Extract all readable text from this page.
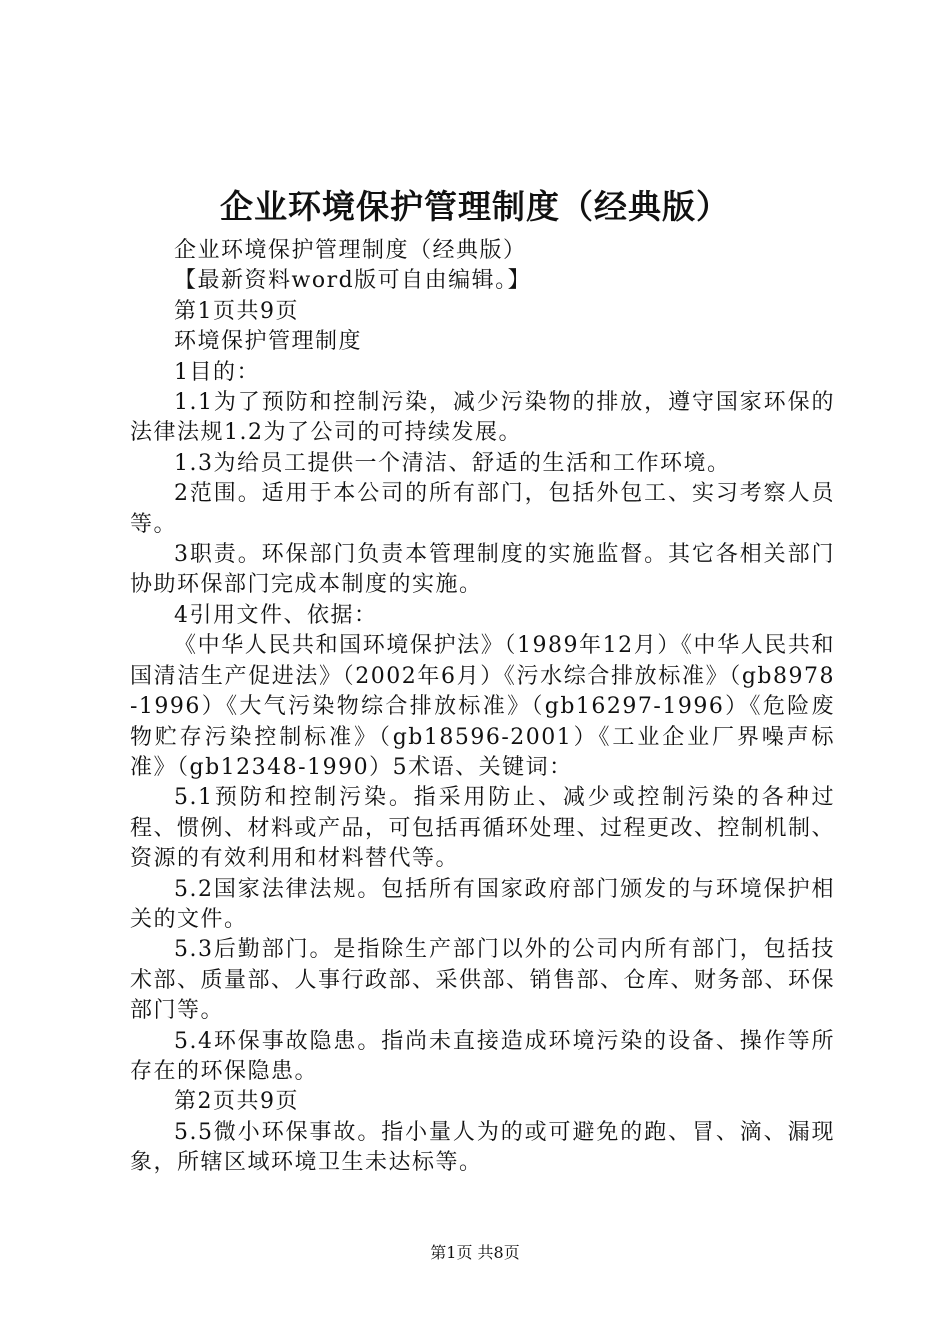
企业环境保护管理制度（经典版）

企业环境保护管理制度（经典版）

【最新资料word版可自由编辑。】

第1页共9页

环境保护管理制度

1目的：

1.1为了预防和控制污染，减少污染物的排放，遵守国家环保的法律法规1.2为了公司的可持续发展。

1.3为给员工提供一个清洁、舒适的生活和工作环境。

2范围。适用于本公司的所有部门，包括外包工、实习考察人员等。

3职责。环保部门负责本管理制度的实施监督。其它各相关部门协助环保部门完成本制度的实施。

4引用文件、依据：

《中华人民共和国环境保护法》（1989年12月）《中华人民共和国清洁生产促进法》（2002年6月）《污水综合排放标准》（gb8978-1996）《大气污染物综合排放标准》（gb16297-1996）《危险废物贮存污染控制标准》（gb18596-2001）《工业企业厂界噪声标准》（gb12348-1990）5术语、关键词：

5.1预防和控制污染。指采用防止、减少或控制污染的各种过程、惯例、材料或产品，可包括再循环处理、过程更改、控制机制、资源的有效利用和材料替代等。

5.2国家法律法规。包括所有国家政府部门颁发的与环境保护相关的文件。

5.3后勤部门。是指除生产部门以外的公司内所有部门，包括技术部、质量部、人事行政部、采供部、销售部、仓库、财务部、环保部门等。

5.4环保事故隐患。指尚未直接造成环境污染的设备、操作等所存在的环保隐患。

第2页共9页

5.5微小环保事故。指小量人为的或可避免的跑、冒、滴、漏现象，所辖区域环境卫生未达标等。

第1页 共8页
